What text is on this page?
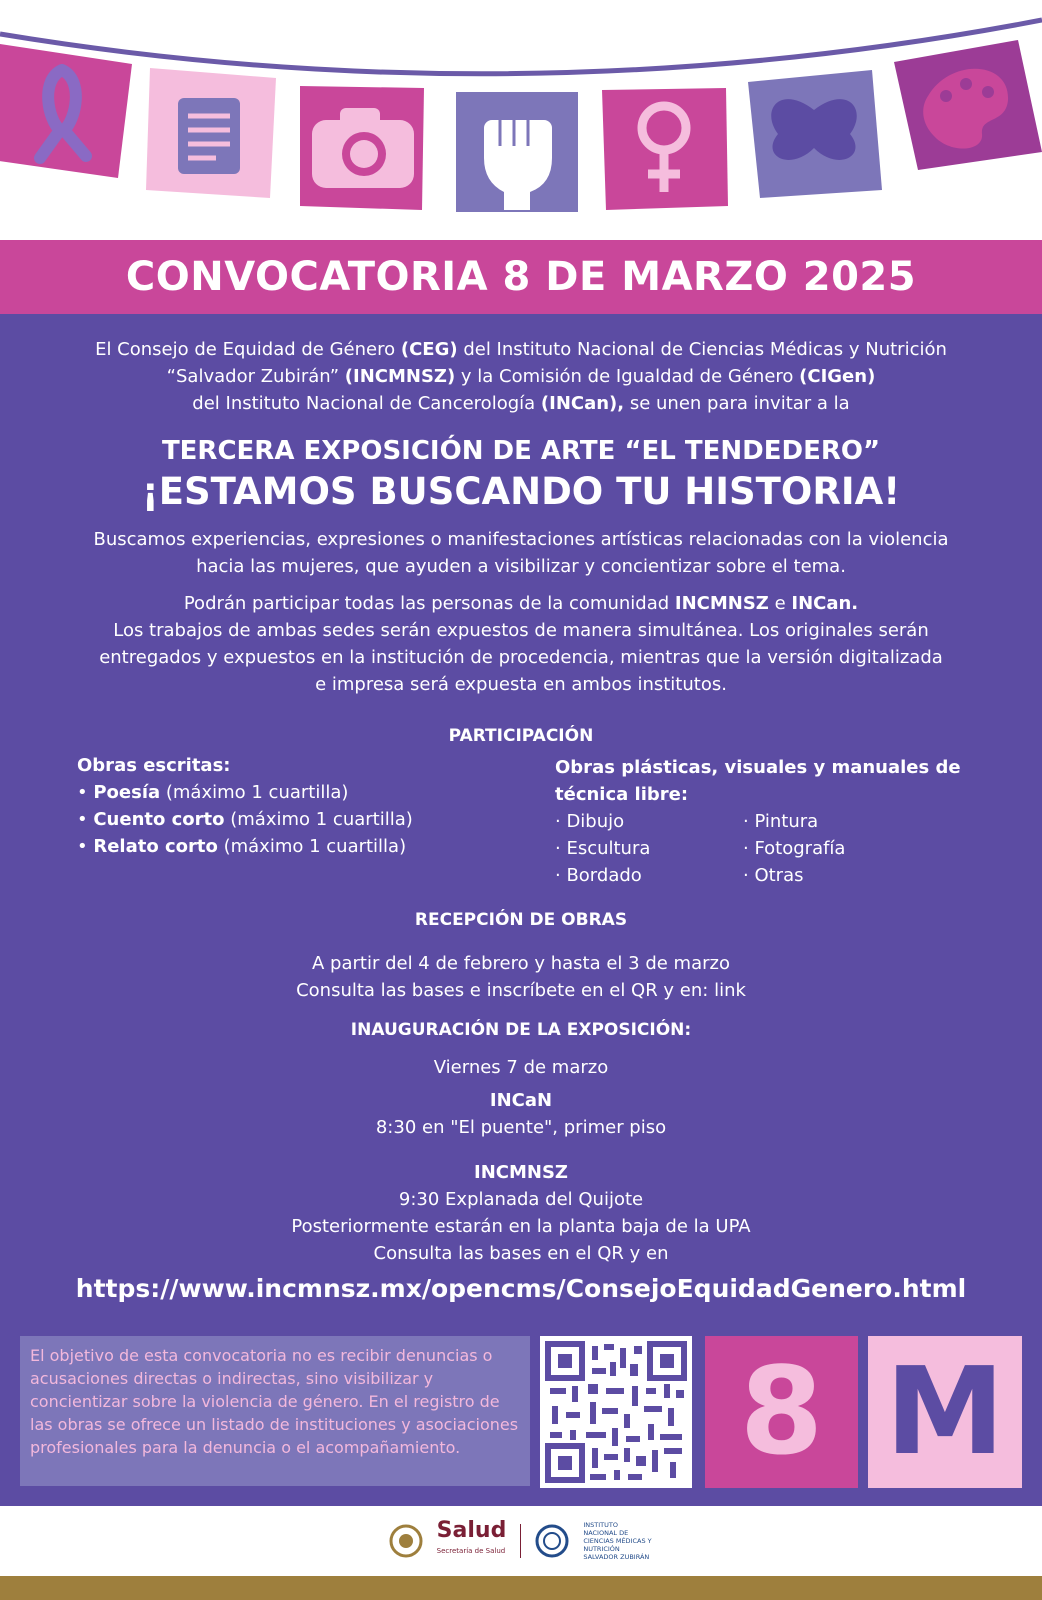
CONVOCATORIA 8 DE MARZO 2025

El Consejo de Equidad de Género (CEG) del Instituto Nacional de Ciencias Médicas y Nutrición

“Salvador Zubirán” (INCMNSZ) y la Comisión de Igualdad de Género (CIGen)

del Instituto Nacional de Cancerología (INCan), se unen para invitar a la

TERCERA EXPOSICIÓN DE ARTE “EL TENDEDERO”
¡ESTAMOS BUSCANDO TU HISTORIA!

Buscamos experiencias, expresiones o manifestaciones artísticas relacionadas con la violencia

hacia las mujeres, que ayuden a visibilizar y concientizar sobre el tema.

Podrán participar todas las personas de la comunidad INCMNSZ e INCan.

Los trabajos de ambas sedes serán expuestos de manera simultánea. Los originales serán

entregados y expuestos en la institución de procedencia, mientras que la versión digitalizada

e impresa será expuesta en ambos institutos.

PARTICIPACIÓN
Obras escritas:
• Poesía (máximo 1 cuartilla)
• Cuento corto (máximo 1 cuartilla)
• Relato corto (máximo 1 cuartilla)
Obras plásticas, visuales y manuales de
técnica libre:
· Dibujo	· Pintura
· Escultura	· Fotografía
· Bordado	· Otras
RECEPCIÓN DE OBRAS

A partir del 4 de febrero y hasta el 3 de marzo

Consulta las bases e inscríbete en el QR y en: link

INAUGURACIÓN DE LA EXPOSICIÓN:

Viernes 7 de marzo

INCaN

8:30 en "El puente", primer piso

INCMNSZ

9:30 Explanada del Quijote

Posteriormente estarán en la planta baja de la UPA

Consulta las bases en el QR y en

https://www.incmnsz.mx/opencms/ConsejoEquidadGenero.html
El objetivo de esta convocatoria no es recibir denuncias o acusaciones directas o indirectas, sino visibilizar y concientizar sobre la violencia de género. En el registro de las obras se ofrece un listado de instituciones y asociaciones profesionales para la denuncia o el acompañamiento.	8 M
Salud
Secretaría de Salud
INSTITUTO NACIONAL DE CIENCIAS MÉDICAS Y NUTRICIÓN SALVADOR ZUBIRÁN
